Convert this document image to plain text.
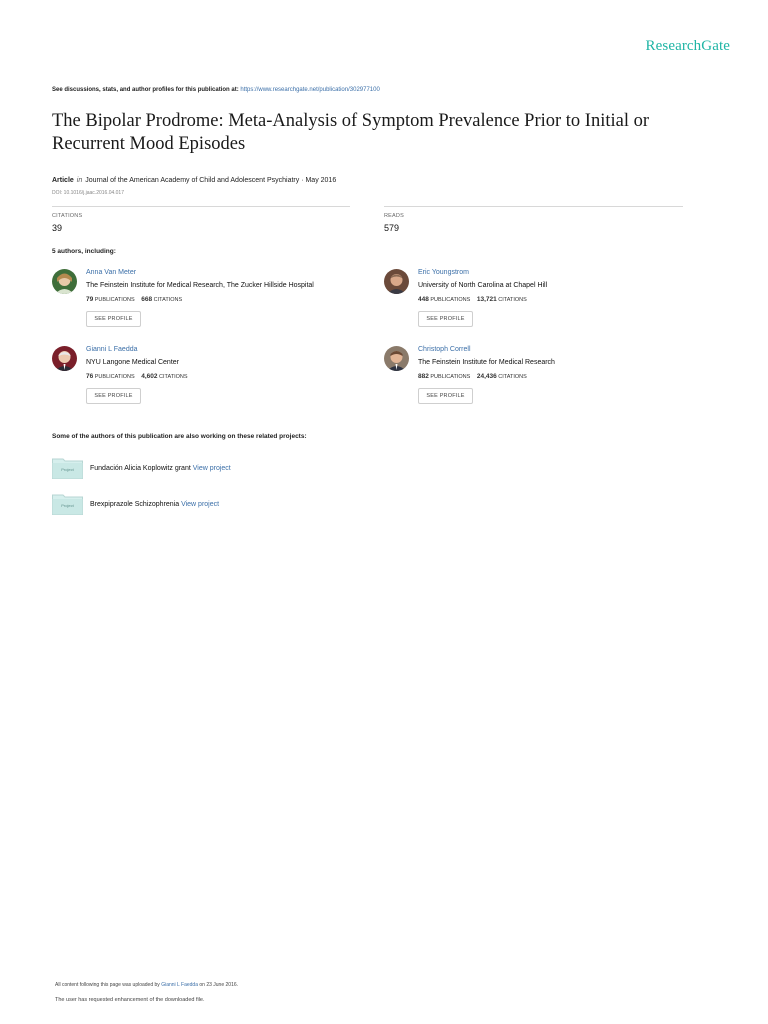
ResearchGate
See discussions, stats, and author profiles for this publication at: https://www.researchgate.net/publication/302977100
The Bipolar Prodrome: Meta-Analysis of Symptom Prevalence Prior to Initial or Recurrent Mood Episodes
Article in Journal of the American Academy of Child and Adolescent Psychiatry · May 2016
DOI: 10.1016/j.jaac.2016.04.017
CITATIONS
39
READS
579
5 authors, including:
Anna Van Meter
The Feinstein Institute for Medical Research, The Zucker Hillside Hospital
79 PUBLICATIONS 668 CITATIONS
SEE PROFILE
Eric Youngstrom
University of North Carolina at Chapel Hill
448 PUBLICATIONS 13,721 CITATIONS
SEE PROFILE
Gianni L Faedda
NYU Langone Medical Center
76 PUBLICATIONS 4,602 CITATIONS
SEE PROFILE
Christoph Correll
The Feinstein Institute for Medical Research
882 PUBLICATIONS 24,436 CITATIONS
SEE PROFILE
Some of the authors of this publication are also working on these related projects:
Project	Fundación Alicia Koplowitz grant View project
Project	Brexpiprazole Schizophrenia View project
All content following this page was uploaded by Gianni L Faedda on 23 June 2016.
The user has requested enhancement of the downloaded file.
